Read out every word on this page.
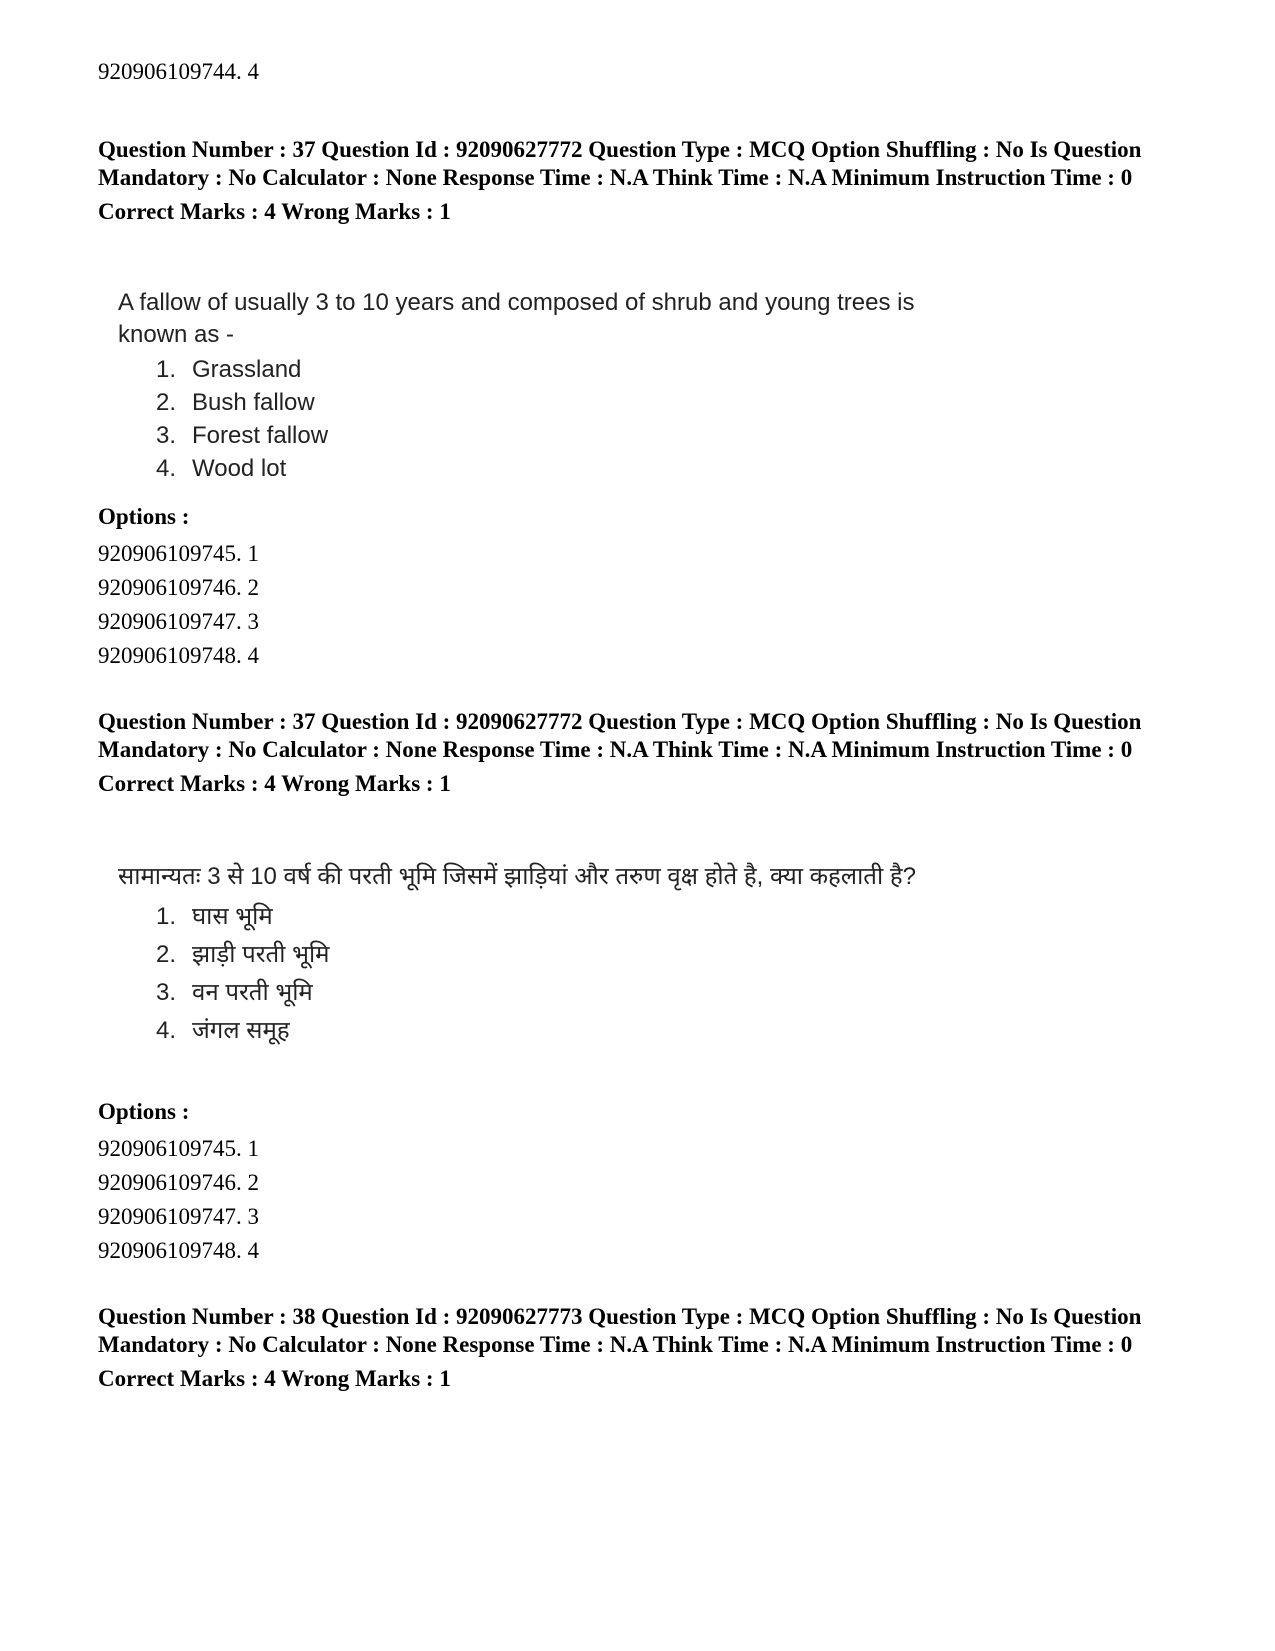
920906109744. 4

Question Number : 37 Question Id : 92090627772 Question Type : MCQ Option Shuffling : No Is Question Mandatory : No Calculator : None Response Time : N.A Think Time : N.A Minimum Instruction Time : 0

Correct Marks : 4 Wrong Marks : 1

A fallow of usually 3 to 10 years and composed of shrub and young trees is known as -

1. Grassland
2. Bush fallow
3. Forest fallow
4. Wood lot

Options :

920906109745. 1

920906109746. 2

920906109747. 3

920906109748. 4

Question Number : 37 Question Id : 92090627772 Question Type : MCQ Option Shuffling : No Is Question Mandatory : No Calculator : None Response Time : N.A Think Time : N.A Minimum Instruction Time : 0

Correct Marks : 4 Wrong Marks : 1

सामान्यतः 3 से 10 वर्ष की परती भूमि जिसमें झाड़ियां और तरुण वृक्ष होते है, क्या कहलाती है?

1. घास भूमि
2. झाड़ी परती भूमि
3. वन परती भूमि
4. जंगल समूह

Options :

920906109745. 1

920906109746. 2

920906109747. 3

920906109748. 4

Question Number : 38 Question Id : 92090627773 Question Type : MCQ Option Shuffling : No Is Question Mandatory : No Calculator : None Response Time : N.A Think Time : N.A Minimum Instruction Time : 0

Correct Marks : 4 Wrong Marks : 1
